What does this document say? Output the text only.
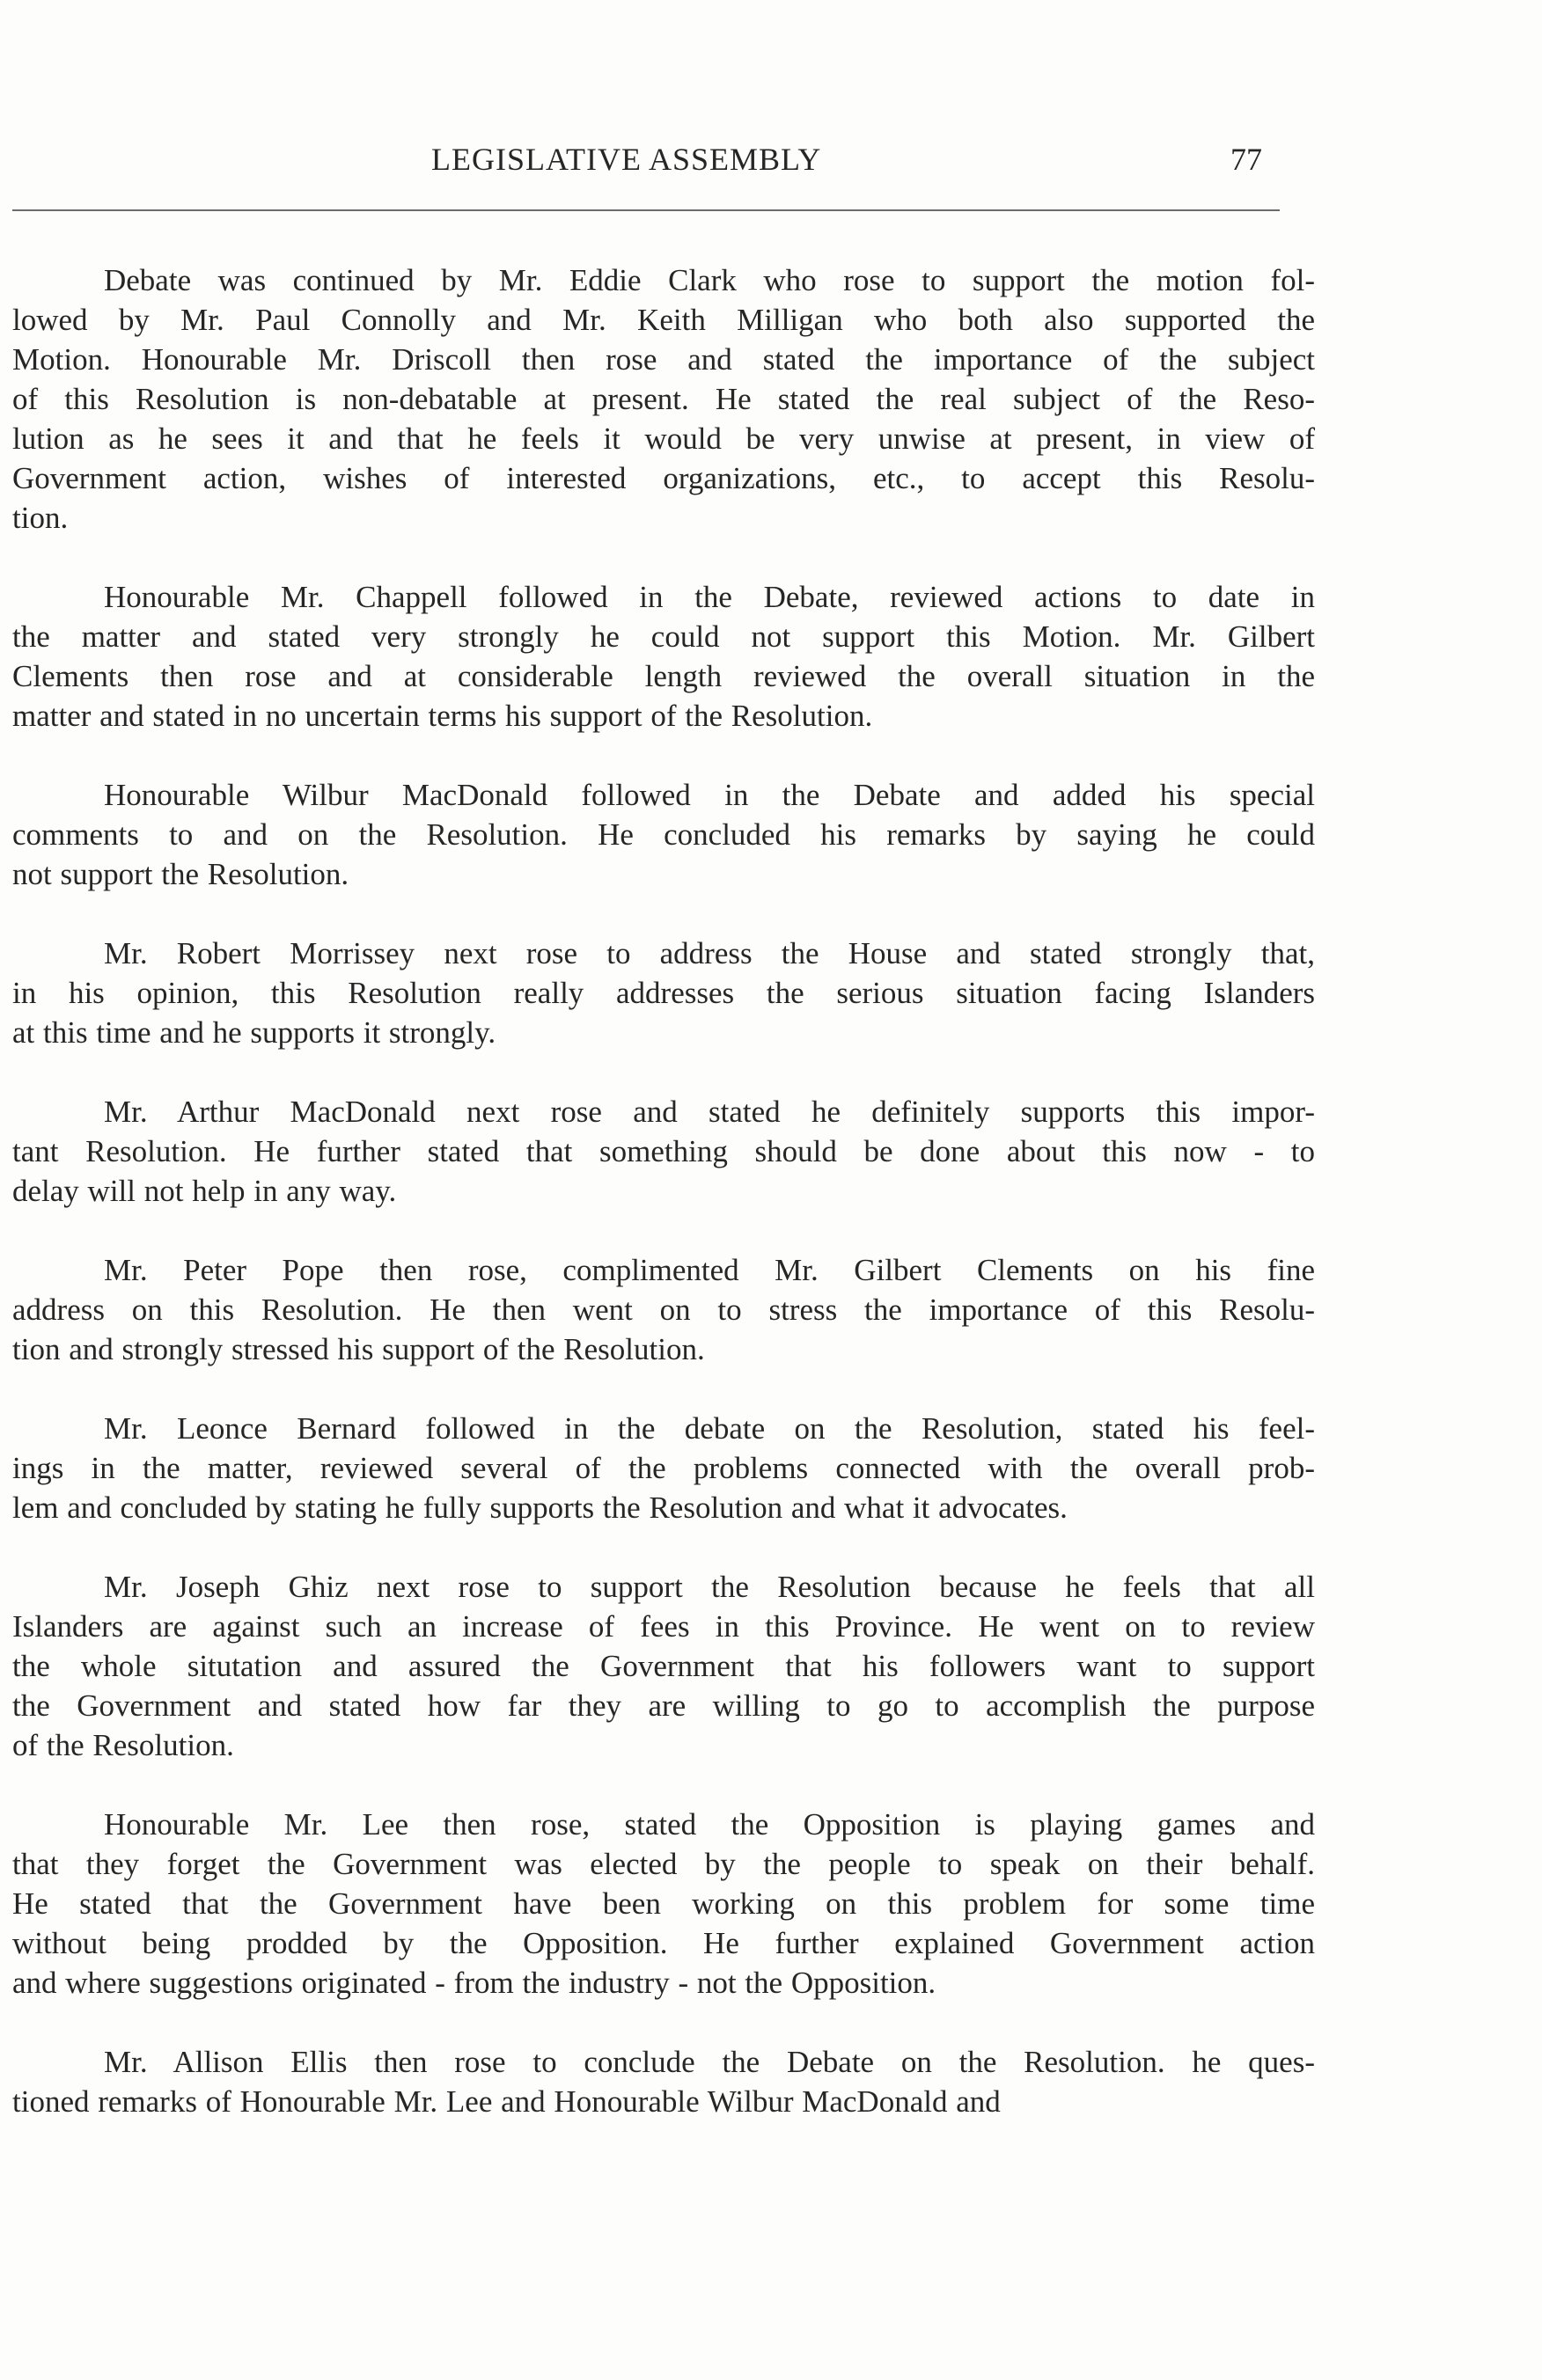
LEGISLATIVE ASSEMBLY	77
Debate was continued by Mr. Eddie Clark who rose to support the motion fol-
lowed by Mr. Paul Connolly and Mr. Keith Milligan who both also supported the
Motion. Honourable Mr. Driscoll then rose and stated the importance of the subject
of this Resolution is non-debatable at present. He stated the real subject of the Reso-
lution as he sees it and that he feels it would be very unwise at present, in view of
Government action, wishes of interested organizations, etc., to accept this Resolu-
tion.
Honourable Mr. Chappell followed in the Debate, reviewed actions to date in
the matter and stated very strongly he could not support this Motion. Mr. Gilbert
Clements then rose and at considerable length reviewed the overall situation in the
matter and stated in no uncertain terms his support of the Resolution.
Honourable Wilbur MacDonald followed in the Debate and added his special
comments to and on the Resolution. He concluded his remarks by saying he could
not support the Resolution.
Mr. Robert Morrissey next rose to address the House and stated strongly that,
in his opinion, this Resolution really addresses the serious situation facing Islanders
at this time and he supports it strongly.
Mr. Arthur MacDonald next rose and stated he definitely supports this impor-
tant Resolution. He further stated that something should be done about this now - to
delay will not help in any way.
Mr. Peter Pope then rose, complimented Mr. Gilbert Clements on his fine
address on this Resolution. He then went on to stress the importance of this Resolu-
tion and strongly stressed his support of the Resolution.
Mr. Leonce Bernard followed in the debate on the Resolution, stated his feel-
ings in the matter, reviewed several of the problems connected with the overall prob-
lem and concluded by stating he fully supports the Resolution and what it advocates.
Mr. Joseph Ghiz next rose to support the Resolution because he feels that all
Islanders are against such an increase of fees in this Province. He went on to review
the whole situtation and assured the Government that his followers want to support
the Government and stated how far they are willing to go to accomplish the purpose
of the Resolution.
Honourable Mr. Lee then rose, stated the Opposition is playing games and
that they forget the Government was elected by the people to speak on their behalf.
He stated that the Government have been working on this problem for some time
without being prodded by the Opposition. He further explained Government action
and where suggestions originated - from the industry - not the Opposition.
Mr. Allison Ellis then rose to conclude the Debate on the Resolution. he ques-
tioned remarks of Honourable Mr. Lee and Honourable Wilbur MacDonald and
